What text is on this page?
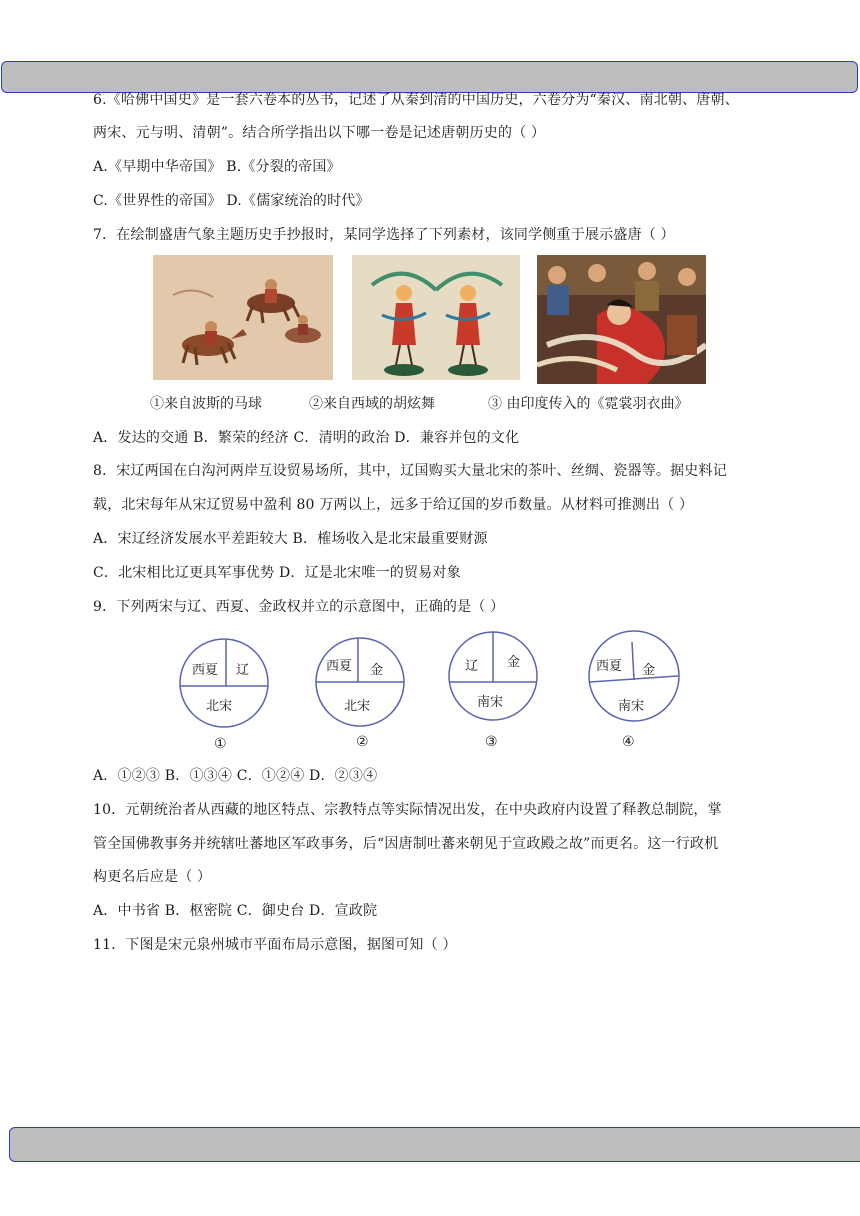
6.《哈佛中国史》是一套六卷本的丛书，记述了从秦到清的中国历史，六卷分为“秦汉、南北朝、唐朝、
两宋、元与明、清朝”。结合所学指出以下哪一卷是记述唐朝历史的（ ）
A.《早期中华帝国》 B.《分裂的帝国》
C.《世界性的帝国》 D.《儒家统治的时代》
7．在绘制盛唐气象主题历史手抄报时，某同学选择了下列素材，该同学侧重于展示盛唐（ ）
①来自波斯的马球	②来自西域的胡炫舞	③ 由印度传入的《霓裳羽衣曲》
A．发达的交通 B．繁荣的经济 C．清明的政治 D．兼容并包的文化
8．宋辽两国在白沟河两岸互设贸易场所，其中，辽国购买大量北宋的茶叶、丝绸、瓷器等。据史料记
载，北宋每年从宋辽贸易中盈利 80 万两以上，远多于给辽国的岁币数量。从材料可推测出（ ）
A．宋辽经济发展水平差距较大 B．榷场收入是北宋最重要财源
C．北宋相比辽更具军事优势 D．辽是北宋唯一的贸易对象
9．下列两宋与辽、西夏、金政权并立的示意图中，正确的是（ ）
西夏 辽
北宋
①
西夏 金
北宋
②
辽 金
南宋
③
西夏 金
南宋
④
A．①②③ B．①③④ C．①②④ D．②③④
10．元朝统治者从西藏的地区特点、宗教特点等实际情况出发，在中央政府内设置了释教总制院，掌
管全国佛教事务并统辖吐蕃地区军政事务，后“因唐制吐蕃来朝见于宣政殿之故”而更名。这一行政机
构更名后应是（ ）
A．中书省 B．枢密院 C．御史台 D．宣政院
11．下图是宋元泉州城市平面布局示意图，据图可知（ ）
